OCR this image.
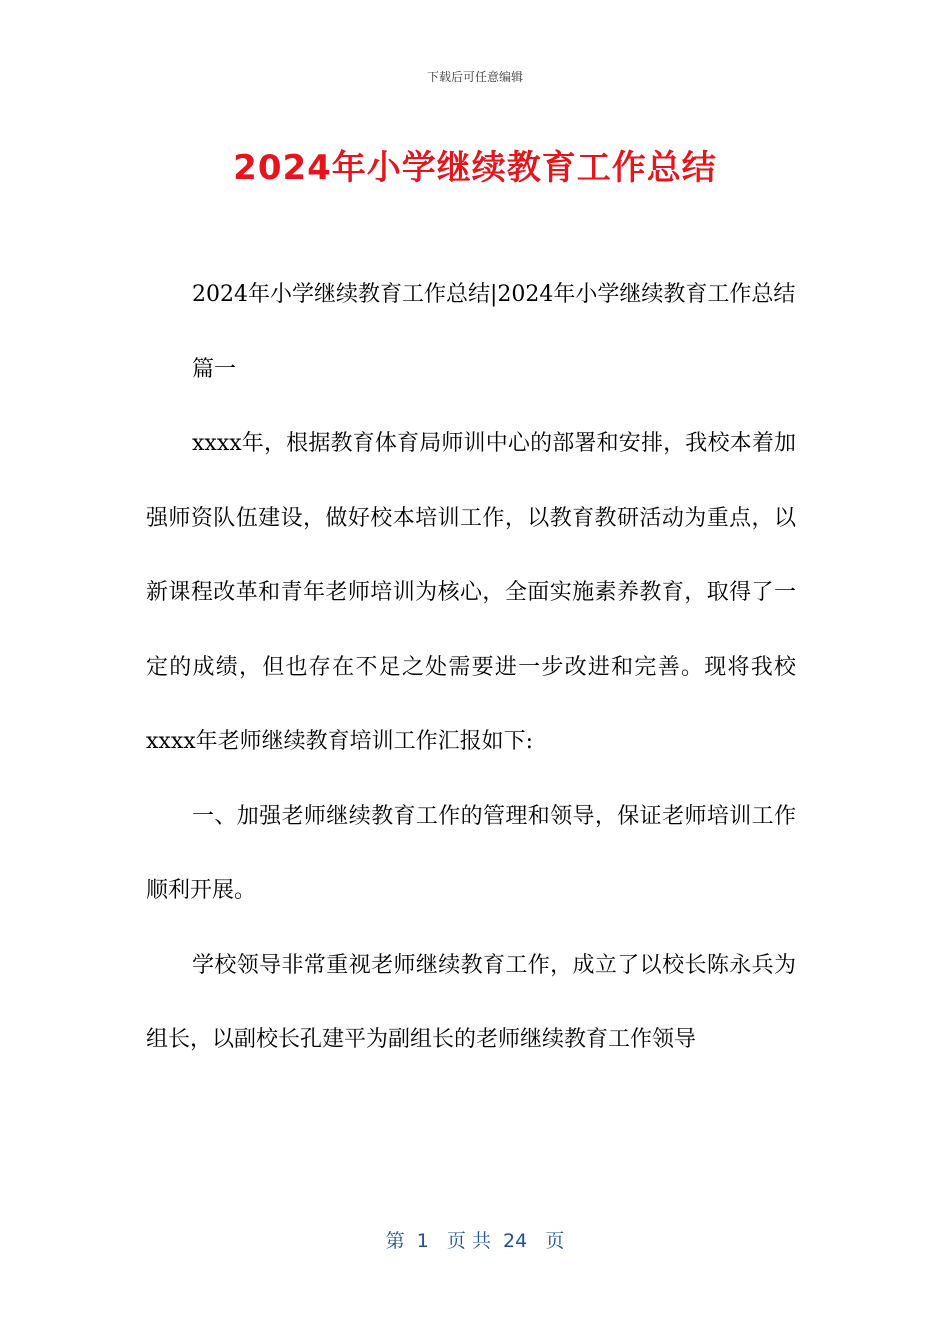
下载后可任意编辑
2024年小学继续教育工作总结

2024年小学继续教育工作总结|2024年小学继续教育工作总结

篇一

xxxx年，根据教育体育局师训中心的部署和安排，我校本着加强师资队伍建设，做好校本培训工作，以教育教研活动为重点，以新课程改革和青年老师培训为核心，全面实施素养教育，取得了一定的成绩，但也存在不足之处需要进一步改进和完善。现将我校xxxx年老师继续教育培训工作汇报如下:

一、加强老师继续教育工作的管理和领导，保证老师培训工作顺利开展。

学校领导非常重视老师继续教育工作，成立了以校长陈永兵为组长，以副校长孔建平为副组长的老师继续教育工作领导

第  1   页 共  24   页
